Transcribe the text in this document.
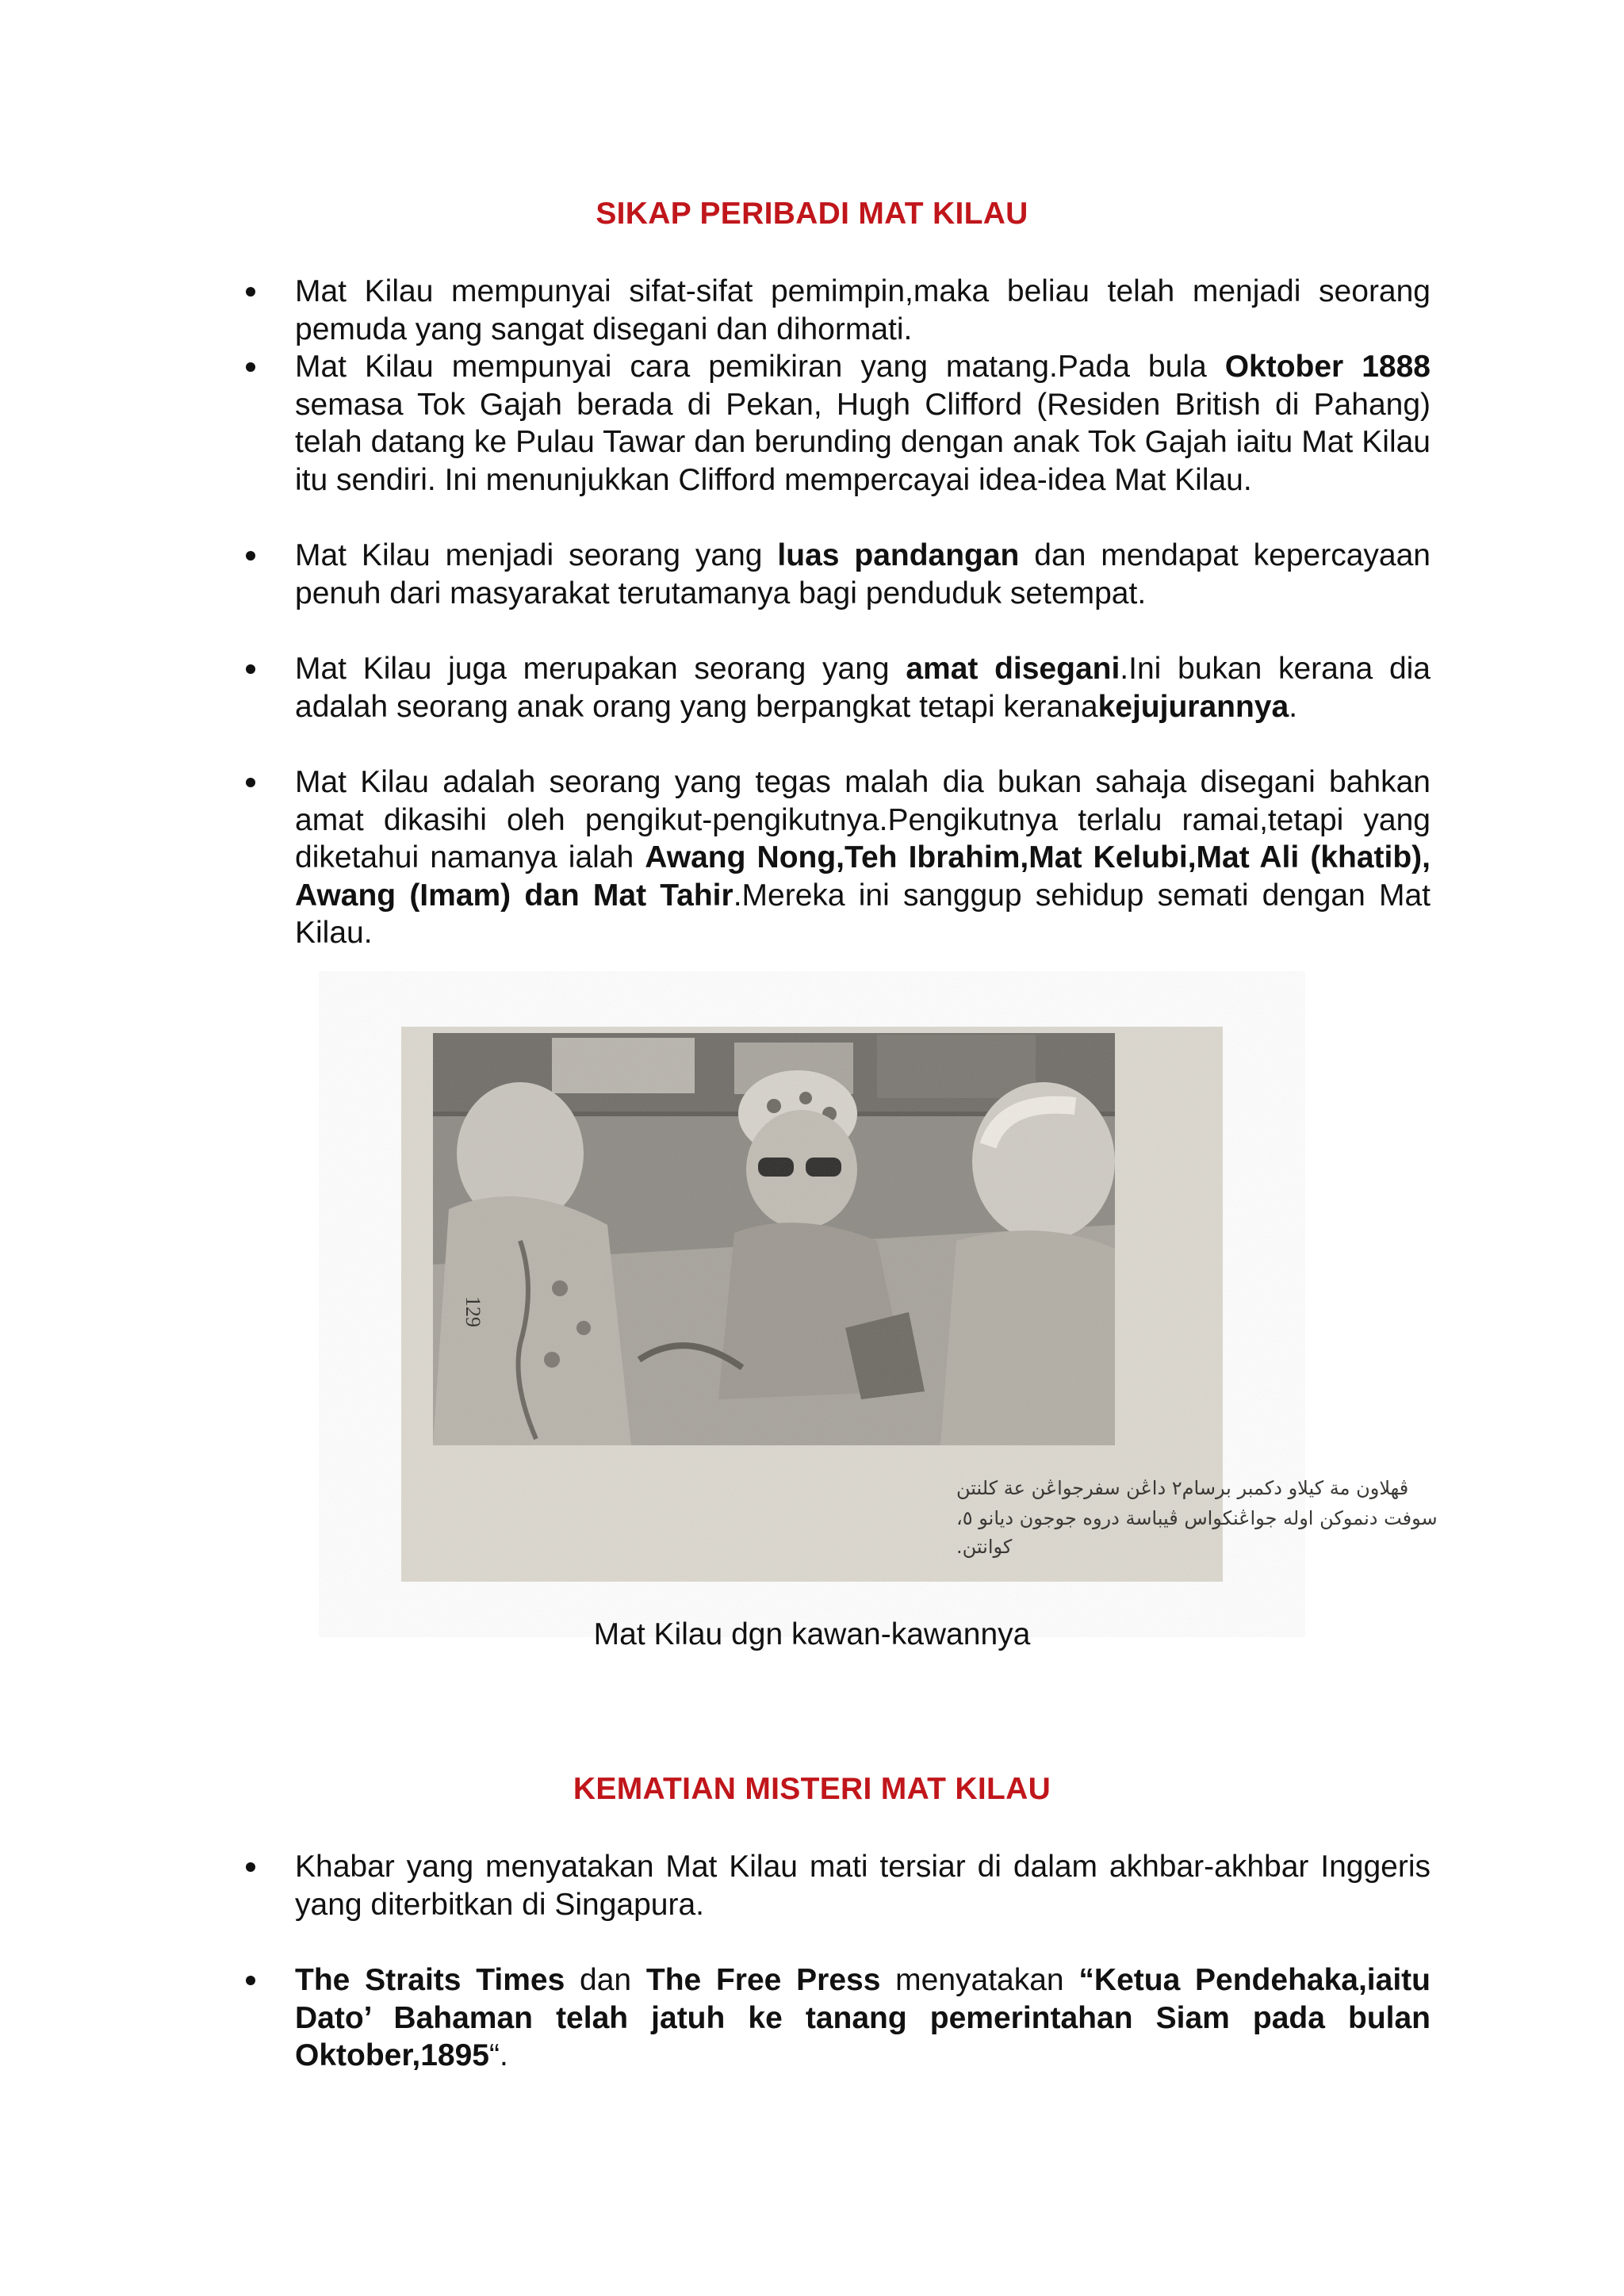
SIKAP PERIBADI MAT KILAU
Mat Kilau mempunyai sifat-sifat pemimpin,maka beliau telah menjadi seorang pemuda yang sangat disegani dan dihormati.
Mat Kilau mempunyai cara pemikiran yang matang.Pada bula Oktober 1888 semasa Tok Gajah berada di Pekan, Hugh Clifford (Residen British di Pahang) telah datang ke Pulau Tawar dan berunding dengan anak Tok Gajah iaitu Mat Kilau itu sendiri. Ini menunjukkan Clifford mempercayai idea-idea Mat Kilau.
Mat Kilau menjadi seorang yang luas pandangan dan mendapat kepercayaan penuh dari masyarakat terutamanya bagi penduduk setempat.
Mat Kilau juga merupakan seorang yang amat disegani.Ini bukan kerana dia adalah seorang anak orang yang berpangkat tetapi keranakejujurannya.
Mat Kilau adalah seorang yang tegas malah dia bukan sahaja disegani bahkan amat dikasihi oleh pengikut-pengikutnya.Pengikutnya terlalu ramai,tetapi yang diketahui namanya ialah Awang Nong,Teh Ibrahim,Mat Kelubi,Mat Ali (khatib), Awang (Imam) dan Mat Tahir.Mereka ini sanggup sehidup semati dengan Mat Kilau.
129
ڤهلاون مة كيلاو دكمبر برسام٢ داڠن سفرجواڠن عة كلنتن
سوفت دنموكن اوله جواڠنكواس ڤيباسة دروه جوجون ديانو ٥،
كوانتن.
Mat Kilau dgn kawan-kawannya
KEMATIAN MISTERI MAT KILAU
Khabar yang menyatakan Mat Kilau mati tersiar di dalam akhbar-akhbar Inggeris yang diterbitkan di Singapura.
The Straits Times dan The Free Press menyatakan “Ketua Pendehaka,iaitu Dato’ Bahaman telah jatuh ke tanang pemerintahan Siam pada bulan Oktober,1895“.
